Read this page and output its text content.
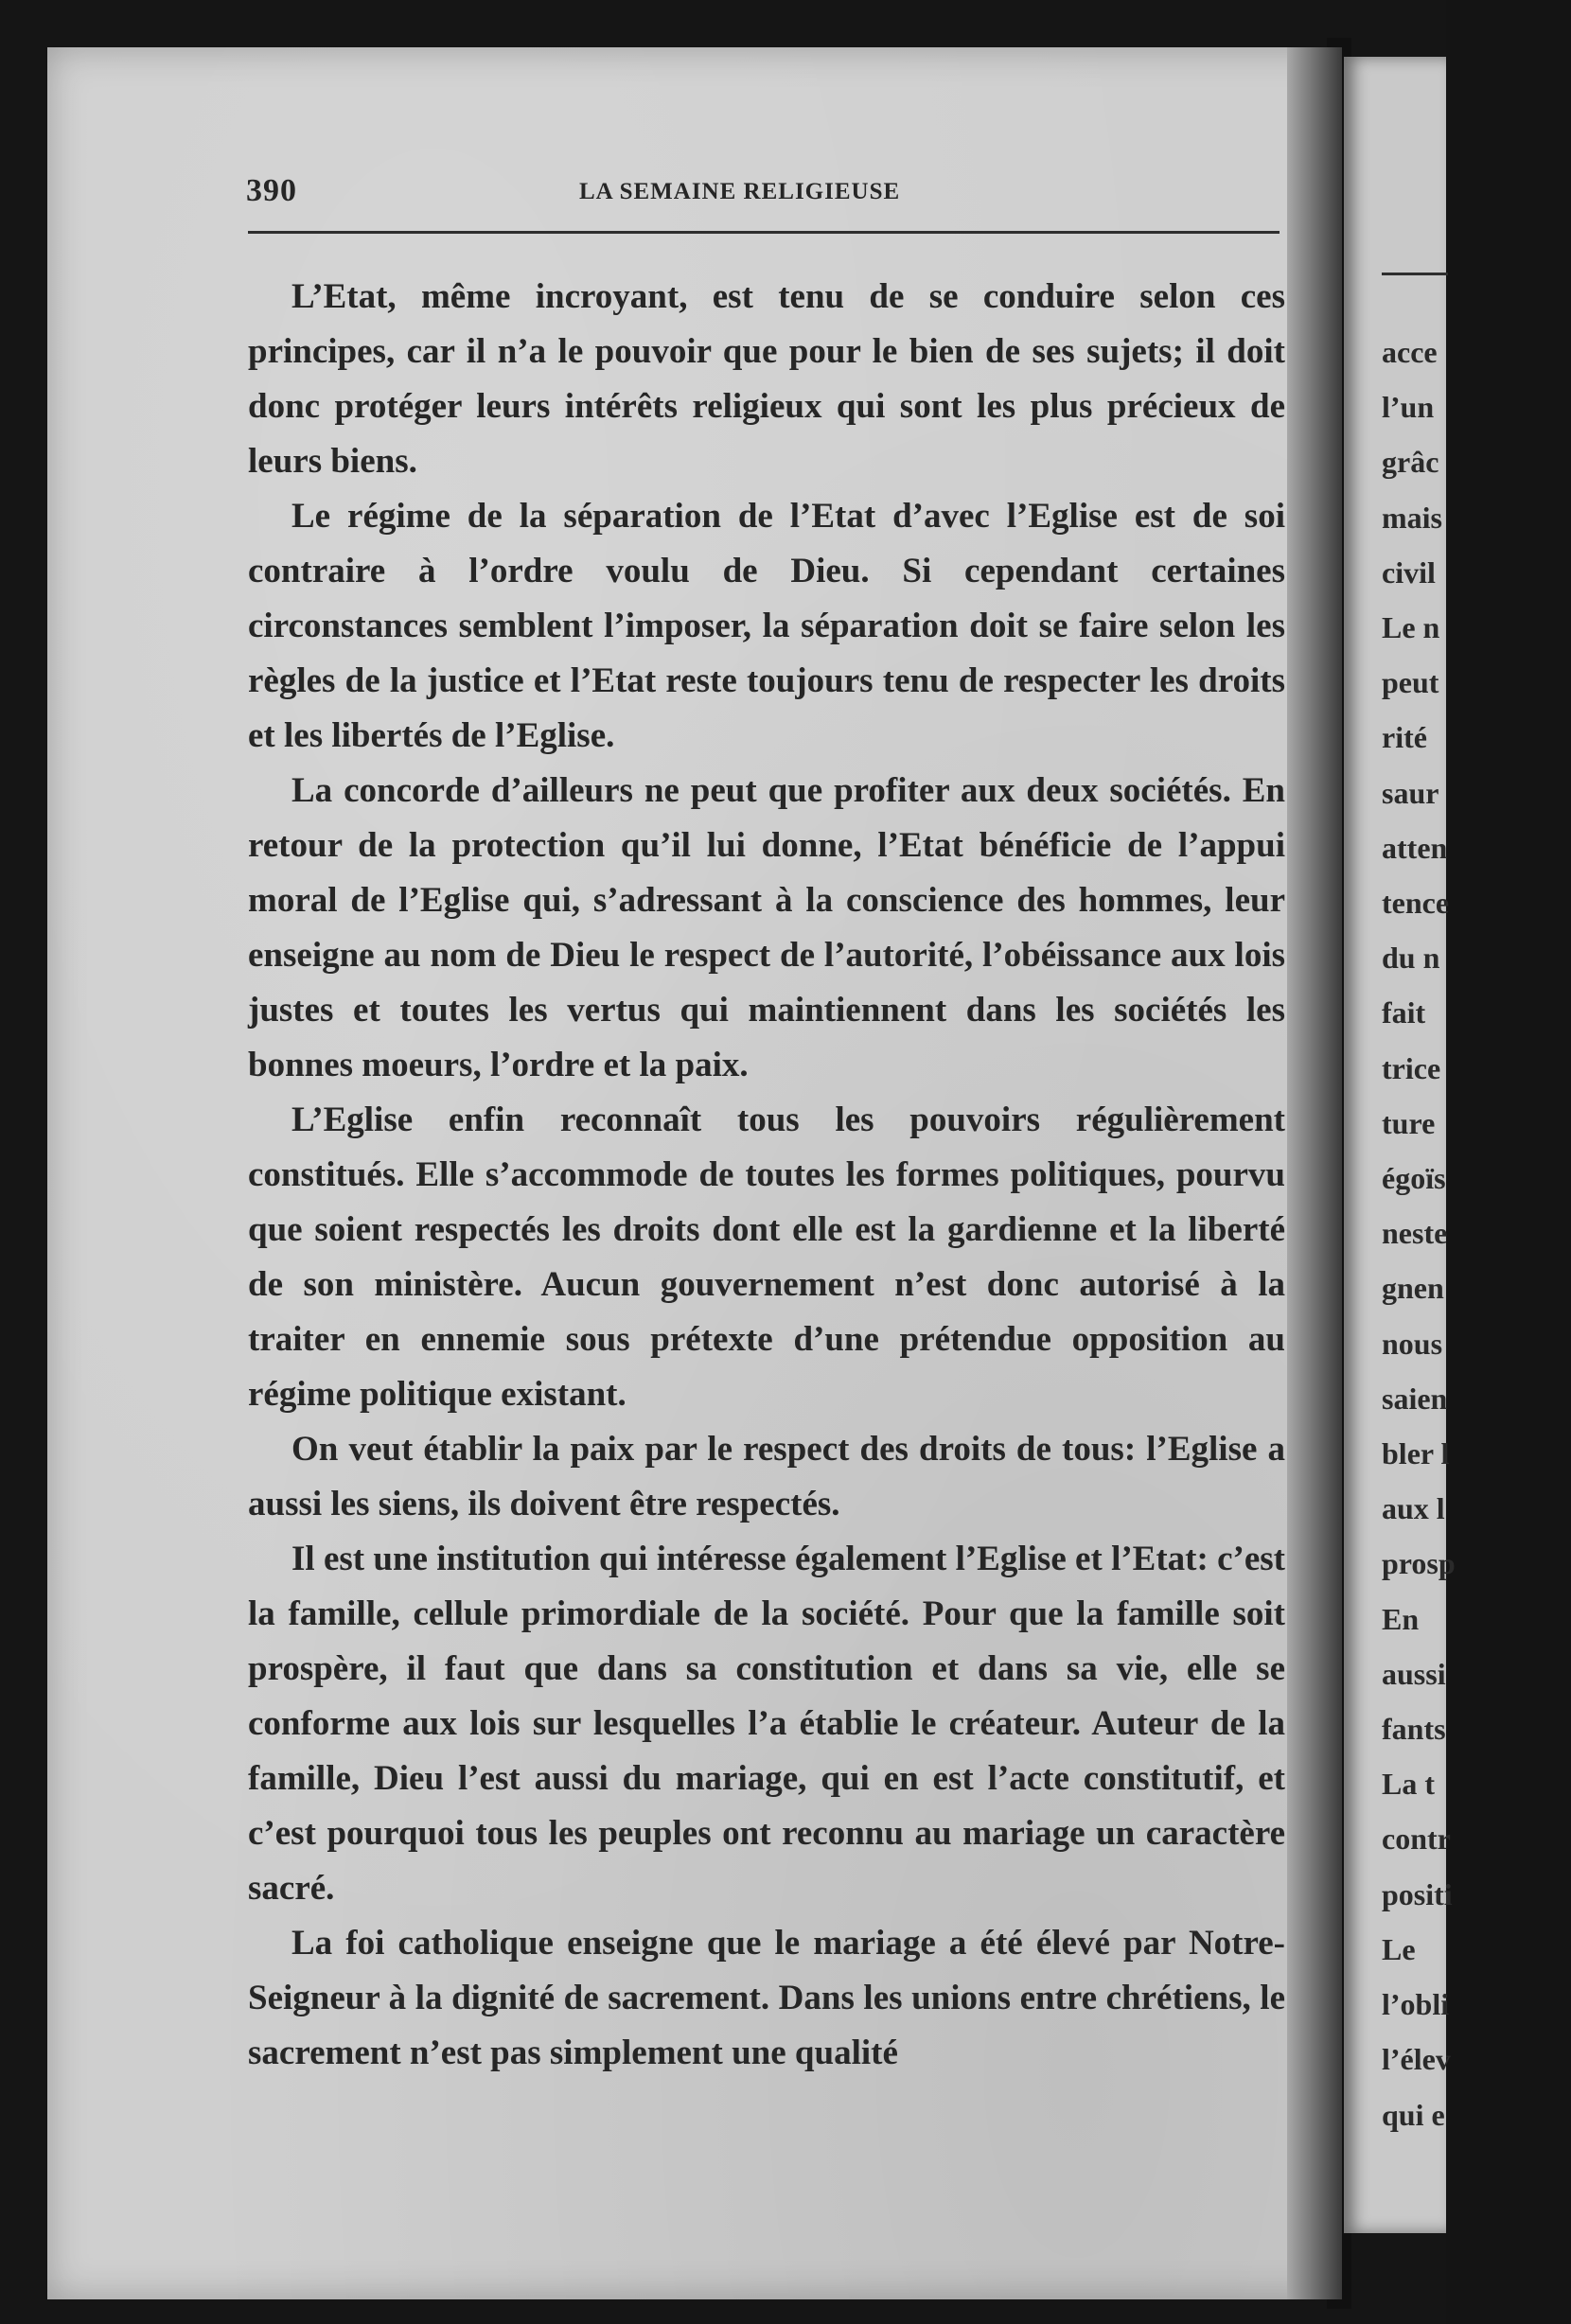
390	LA SEMAINE RELIGIEUSE

L’Etat, même incroyant, est tenu de se conduire selon ces principes, car il n’a le pouvoir que pour le bien de ses sujets; il doit donc protéger leurs intérêts religieux qui sont les plus précieux de leurs biens.

Le régime de la séparation de l’Etat d’avec l’Eglise est de soi contraire à l’ordre voulu de Dieu. Si cependant certaines circonstances semblent l’imposer, la séparation doit se faire selon les règles de la justice et l’Etat reste toujours tenu de respecter les droits et les libertés de l’Eglise.

La concorde d’ailleurs ne peut que profiter aux deux sociétés. En retour de la protection qu’il lui donne, l’Etat bénéficie de l’appui moral de l’Eglise qui, s’adressant à la conscience des hommes, leur enseigne au nom de Dieu le respect de l’autorité, l’obéissance aux lois justes et toutes les vertus qui maintiennent dans les sociétés les bonnes moeurs, l’ordre et la paix.

L’Eglise enfin reconnaît tous les pouvoirs régulièrement constitués. Elle s’accommode de toutes les formes politiques, pourvu que soient respectés les droits dont elle est la gardienne et la liberté de son ministère. Aucun gouvernement n’est donc autorisé à la traiter en ennemie sous prétexte d’une prétendue opposition au régime politique existant.

On veut établir la paix par le respect des droits de tous: l’Eglise a aussi les siens, ils doivent être respectés.

Il est une institution qui intéresse également l’Eglise et l’Etat: c’est la famille, cellule primordiale de la société. Pour que la famille soit prospère, il faut que dans sa constitution et dans sa vie, elle se conforme aux lois sur lesquelles l’a établie le créateur. Auteur de la famille, Dieu l’est aussi du mariage, qui en est l’acte constitutif, et c’est pourquoi tous les peuples ont reconnu au mariage un caractère sacré.

La foi catholique enseigne que le mariage a été élevé par Notre-Seigneur à la dignité de sacrement. Dans les unions entre chrétiens, le sacrement n’est pas simplement une qualité

acce
l’un
grâc
mais
civil
Le n
peut
rité
saur
atten
tence
du n
fait
trice
ture
égoïs
neste
gnen
nous
saien
bler l
aux l
prosp
En
aussi
fants
La t
contr
positi
Le
l’obli
l’élev
qui e
